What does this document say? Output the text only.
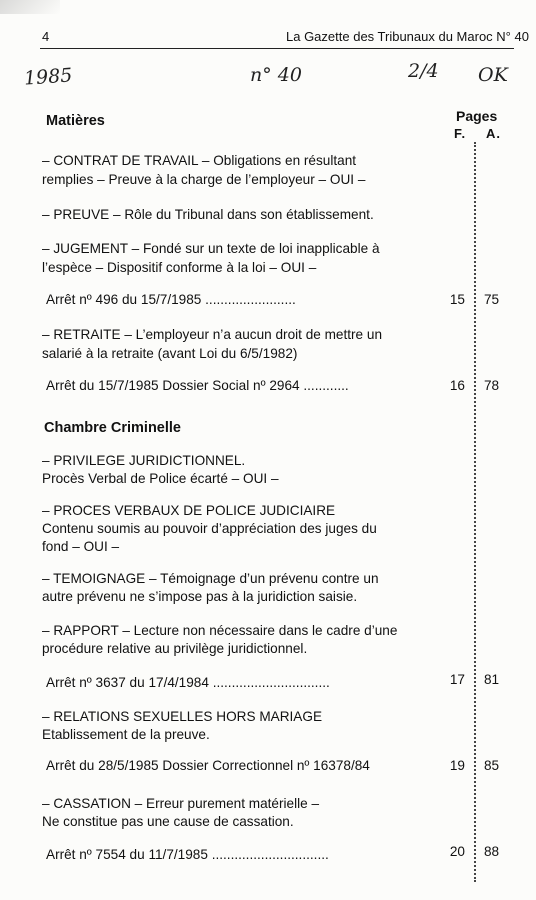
4	La Gazette des Tribunaux du Maroc N° 40
1985	n° 40	2/4 OK
Matières	Pages
F. A.
– CONTRAT DE TRAVAIL – Obligations en résultant
remplies – Preuve à la charge de l’employeur – OUI –
– PREUVE – Rôle du Tribunal dans son établissement.
– JUGEMENT – Fondé sur un texte de loi inapplicable à
l’espèce – Dispositif conforme à la loi – OUI –
Arrêt nº 496 du 15/7/1985 ........................	15 75
– RETRAITE – L’employeur n’a aucun droit de mettre un
salarié à la retraite (avant Loi du 6/5/1982)
Arrêt du 15/7/1985 Dossier Social nº 2964 ............	16 78
Chambre Criminelle
– PRIVILEGE JURIDICTIONNEL.
Procès Verbal de Police écarté – OUI –
– PROCES VERBAUX DE POLICE JUDICIAIRE
Contenu soumis au pouvoir d’appréciation des juges du
fond – OUI –
– TEMOIGNAGE – Témoignage d’un prévenu contre un
autre prévenu ne s’impose pas à la juridiction saisie.
– RAPPORT – Lecture non nécessaire dans le cadre d’une
procédure relative au privilège juridictionnel.
Arrêt nº 3637 du 17/4/1984 ...............................	17 81
– RELATIONS SEXUELLES HORS MARIAGE
Etablissement de la preuve.
Arrêt du 28/5/1985 Dossier Correctionnel nº 16378/84	19 85
– CASSATION – Erreur purement matérielle –
Ne constitue pas une cause de cassation.
Arrêt nº 7554 du 11/7/1985 ...............................	20 88
